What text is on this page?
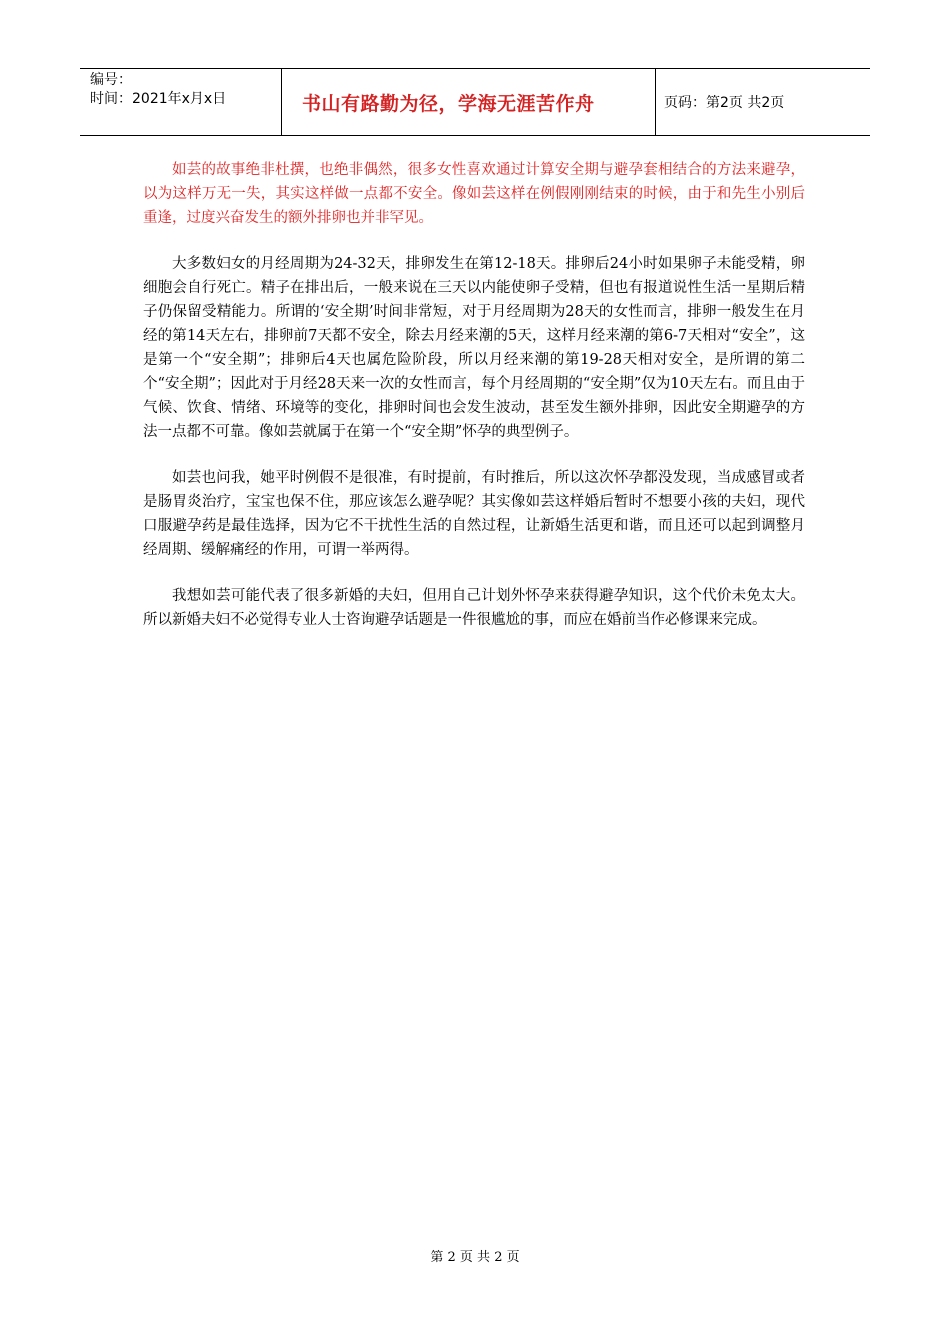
编号：
时间：2021年x月x日	书山有路勤为径，学海无涯苦作舟	页码：第2页 共2页

如芸的故事绝非杜撰，也绝非偶然，很多女性喜欢通过计算安全期与避孕套相结合的方法来避孕，以为这样万无一失，其实这样做一点都不安全。像如芸这样在例假刚刚结束的时候，由于和先生小别后重逢，过度兴奋发生的额外排卵也并非罕见。

大多数妇女的月经周期为24-32天，排卵发生在第12-18天。排卵后24小时如果卵子未能受精，卵细胞会自行死亡。精子在排出后，一般来说在三天以内能使卵子受精，但也有报道说性生活一星期后精子仍保留受精能力。所谓的‘安全期’时间非常短，对于月经周期为28天的女性而言，排卵一般发生在月经的第14天左右，排卵前7天都不安全，除去月经来潮的5天，这样月经来潮的第6-7天相对“安全”，这是第一个“安全期”；排卵后4天也属危险阶段，所以月经来潮的第19-28天相对安全，是所谓的第二个“安全期”；因此对于月经28天来一次的女性而言，每个月经周期的“安全期”仅为10天左右。而且由于气候、饮食、情绪、环境等的变化，排卵时间也会发生波动，甚至发生额外排卵，因此安全期避孕的方法一点都不可靠。像如芸就属于在第一个“安全期”怀孕的典型例子。

如芸也问我，她平时例假不是很准，有时提前，有时推后，所以这次怀孕都没发现，当成感冒或者是肠胃炎治疗，宝宝也保不住，那应该怎么避孕呢？其实像如芸这样婚后暂时不想要小孩的夫妇，现代口服避孕药是最佳选择，因为它不干扰性生活的自然过程，让新婚生活更和谐，而且还可以起到调整月经周期、缓解痛经的作用，可谓一举两得。

我想如芸可能代表了很多新婚的夫妇，但用自己计划外怀孕来获得避孕知识，这个代价未免太大。所以新婚夫妇不必觉得专业人士咨询避孕话题是一件很尴尬的事，而应在婚前当作必修课来完成。

第 2 页 共 2 页
